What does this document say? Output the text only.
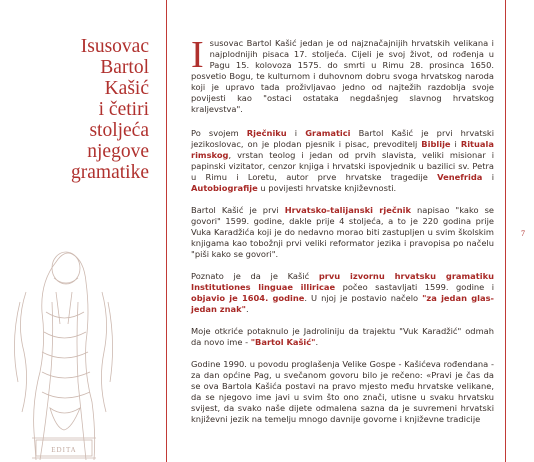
Isusovac
Bartol
Kašić
i četiri
stoljeća
njegove
gramatike
7
EDITA

Isusovac Bartol Kašić jedan je od najznačajnijih hrvatskih velikana i najplodnijih pisaca 17. stoljeća. Cijeli je svoj život, od rođenja u Pagu 15. kolovoza 1575. do smrti u Rimu 28. prosinca 1650. posvetio Bogu, te kulturnom i duhovnom dobru svoga hrvatskog naroda koji je upravo tada proživljavao jedno od najtežih razdoblja svoje povijesti kao "ostaci ostataka negdašnjeg slavnog hrvatskog kraljevstva".

Po svojem Rječniku i Gramatici Bartol Kašić je prvi hrvatski jezikoslovac, on je plodan pjesnik i pisac, prevoditelj Biblije i Rituala rimskog, vrstan teolog i jedan od prvih slavista, veliki misionar i papinski vizitator, cenzor knjiga i hrvatski ispovjednik u bazilici sv. Petra u Rimu i Loretu, autor prve hrvatske tragedije Venefrida i Autobiografije u povijesti hrvatske književnosti.

Bartol Kašić je prvi Hrvatsko-talijanski rječnik napisao "kako se govori" 1599. godine, dakle prije 4 stoljeća, a to je 220 godina prije Vuka Karadžića koji je do nedavno morao biti zastupljen u svim školskim knjigama kao tobožnji prvi veliki reformator jezika i pravopisa po načelu "piši kako se govori".

Poznato je da je Kašić prvu izvornu hrvatsku gramatiku Institutiones linguae illiricae počeo sastavljati 1599. godine i objavio je 1604. godine. U njoj je postavio načelo "za jedan glas-jedan znak".

Moje otkriće potaknulo je Jadroliniju da trajektu "Vuk Karadžić" odmah da novo ime - "Bartol Kašić".

Godine 1990. u povodu proglašenja Velike Gospe - Kašićeva rođendana - za dan općine Pag, u svečanom govoru bilo je rečeno: «Pravi je čas da se ova Bartola Kašića postavi na pravo mjesto među hrvatske velikane, da se njegovo ime javi u svim što ono znači, utisne u svaku hrvatsku svijest, da svako naše dijete odmalena sazna da je suvremeni hrvatski književni jezik na temelju mnogo davnije govorne i književne tradicije
